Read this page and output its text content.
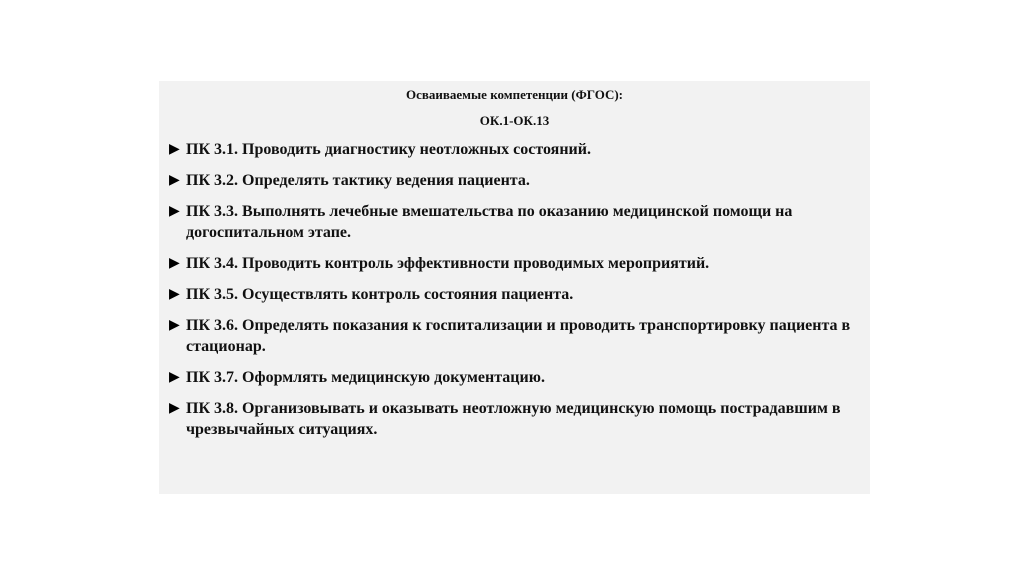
Осваиваемые компетенции (ФГОС):
ОК.1-ОК.13
▶ ПК 3.1. Проводить диагностику неотложных состояний.
▶ ПК 3.2. Определять тактику ведения пациента.
▶ ПК 3.3. Выполнять лечебные вмешательства по оказанию медицинской помощи на догоспитальном этапе.
▶ ПК 3.4. Проводить контроль эффективности проводимых мероприятий.
▶ ПК 3.5. Осуществлять контроль состояния пациента.
▶ ПК 3.6. Определять показания к госпитализации и проводить транспортировку пациента в стационар.
▶ ПК 3.7. Оформлять медицинскую документацию.
▶ ПК 3.8. Организовывать и оказывать неотложную медицинскую помощь пострадавшим в чрезвычайных ситуациях.
